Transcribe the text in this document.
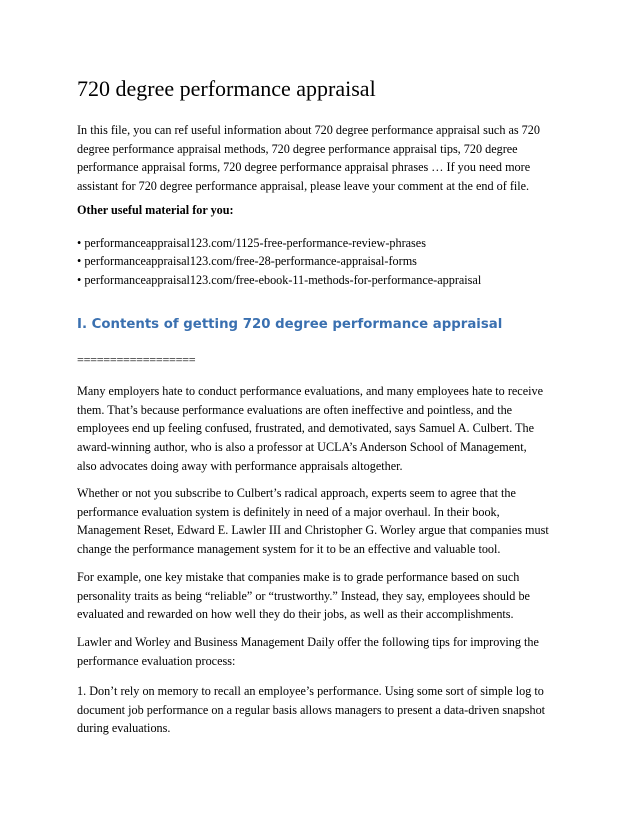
720 degree performance appraisal

In this file, you can ref useful information about 720 degree performance appraisal such as 720
degree performance appraisal methods, 720 degree performance appraisal tips, 720 degree
performance appraisal forms, 720 degree performance appraisal phrases … If you need more
assistant for 720 degree performance appraisal, please leave your comment at the end of file.

Other useful material for you:
• performanceappraisal123.com/1125-free-performance-review-phrases
• performanceappraisal123.com/free-28-performance-appraisal-forms
• performanceappraisal123.com/free-ebook-11-methods-for-performance-appraisal
I. Contents of getting 720 degree performance appraisal

==================

Many employers hate to conduct performance evaluations, and many employees hate to receive
them. That’s because performance evaluations are often ineffective and pointless, and the
employees end up feeling confused, frustrated, and demotivated, says Samuel A. Culbert. The
award-winning author, who is also a professor at UCLA’s Anderson School of Management,
also advocates doing away with performance appraisals altogether.

Whether or not you subscribe to Culbert’s radical approach, experts seem to agree that the
performance evaluation system is definitely in need of a major overhaul. In their book,
Management Reset, Edward E. Lawler III and Christopher G. Worley argue that companies must
change the performance management system for it to be an effective and valuable tool.

For example, one key mistake that companies make is to grade performance based on such
personality traits as being “reliable” or “trustworthy.” Instead, they say, employees should be
evaluated and rewarded on how well they do their jobs, as well as their accomplishments.

Lawler and Worley and Business Management Daily offer the following tips for improving the
performance evaluation process:

1. Don’t rely on memory to recall an employee’s performance. Using some sort of simple log to
document job performance on a regular basis allows managers to present a data-driven snapshot
during evaluations.
